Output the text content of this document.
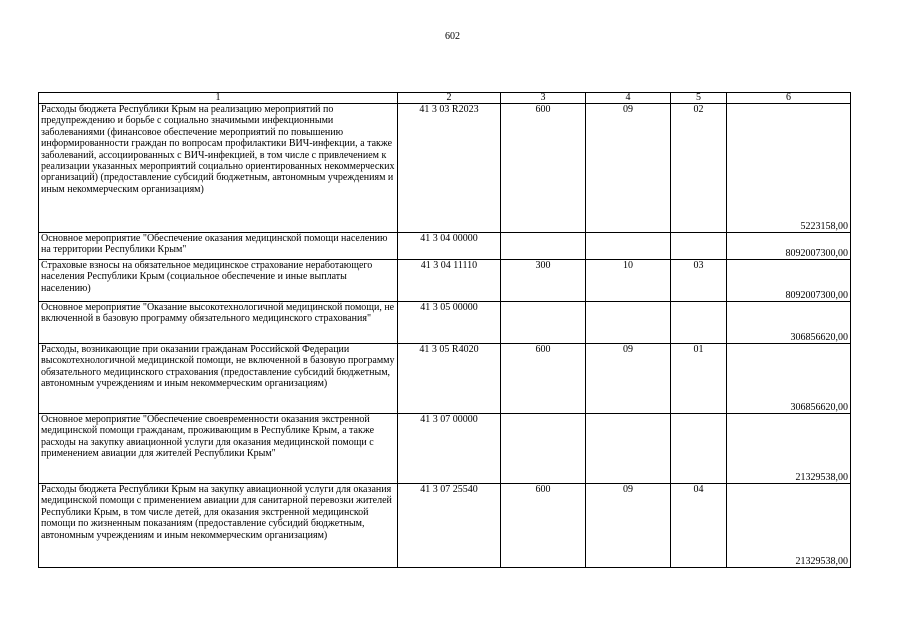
602
1	2	3	4	5	6
Расходы бюджета Республики Крым на реализацию мероприятий по предупреждению и борьбе с социально значимыми инфекционными заболеваниями (финансовое обеспечение мероприятий по повышению информированности граждан по вопросам профилактики ВИЧ-инфекции, а также заболеваний, ассоциированных с ВИЧ-инфекцией, в том числе с привлечением к реализации указанных мероприятий социально ориентированных некоммерческих организаций) (предоставление субсидий бюджетным, автономным учреждениям и иным некоммерческим организациям)	41 3 03 R2023	600	09	02	5223158,00
Основное мероприятие "Обеспечение оказания медицинской помощи населению на территории Республики Крым"	41 3 04 00000				8092007300,00
Страховые взносы на обязательное медицинское страхование неработающего населения Республики Крым (социальное обеспечение и иные выплаты населению)	41 3 04 11110	300	10	03	8092007300,00
Основное мероприятие "Оказание высокотехнологичной медицинской помощи, не включенной в базовую программу обязательного медицинского страхования"	41 3 05 00000				306856620,00
Расходы, возникающие при оказании гражданам Российской Федерации высокотехнологичной медицинской помощи, не включенной в базовую программу обязательного медицинского страхования (предоставление субсидий бюджетным, автономным учреждениям и иным некоммерческим организациям)	41 3 05 R4020	600	09	01	306856620,00
Основное мероприятие "Обеспечение своевременности оказания экстренной медицинской помощи гражданам, проживающим в Республике Крым, а также расходы на закупку авиационной услуги для оказания медицинской помощи с применением авиации для жителей Республики Крым"	41 3 07 00000				21329538,00
Расходы бюджета Республики Крым на закупку авиационной услуги для оказания медицинской помощи с применением авиации для санитарной перевозки жителей Республики Крым, в том числе детей, для оказания экстренной медицинской помощи по жизненным показаниям (предоставление субсидий бюджетным, автономным учреждениям и иным некоммерческим организациям)	41 3 07 25540	600	09	04	21329538,00
